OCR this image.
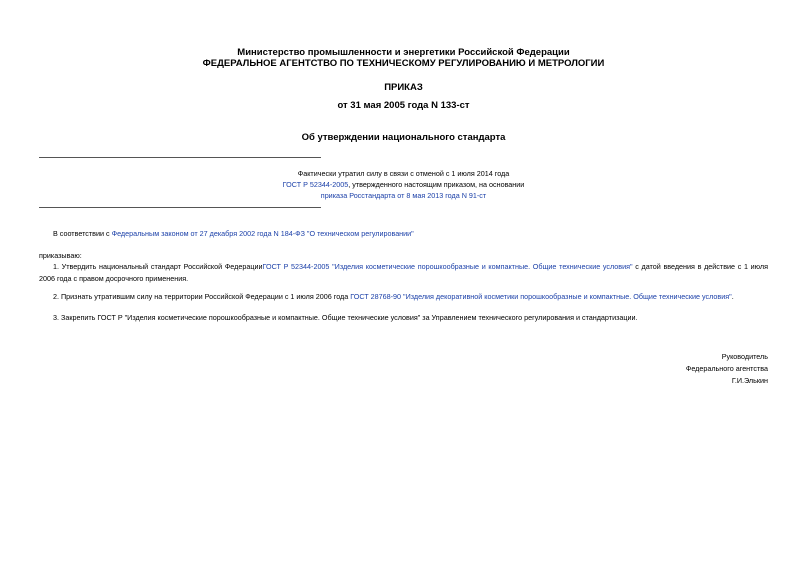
Министерство промышленности и энергетики Российской Федерации
ФЕДЕРАЛЬНОЕ АГЕНТСТВО ПО ТЕХНИЧЕСКОМУ РЕГУЛИРОВАНИЮ И МЕТРОЛОГИИ
ПРИКАЗ
от 31 мая 2005 года N 133-ст
Об утверждении национального стандарта
Фактически утратил силу в связи с отменой с 1 июля 2014 года
ГОСТ Р 52344-2005, утвержденного настоящим приказом, на основании
приказа Росстандарта от 8 мая 2013 года N 91-ст
В соответствии с Федеральным законом от 27 декабря 2002 года N 184-ФЗ "О техническом регулировании"
приказываю:
1. Утвердить национальный стандарт Российской ФедерацииГОСТ Р 52344-2005 "Изделия косметические порошкообразные и компактные. Общие технические условия" с датой введения в действие с 1 июля 2006 года с правом досрочного применения.
2. Признать утратившим силу на территории Российской Федерации с 1 июля 2006 года ГОСТ 28768-90 "Изделия декоративной косметики порошкообразные и компактные. Общие технические условия".
3. Закрепить ГОСТ Р "Изделия косметические порошкообразные и компактные. Общие технические условия" за Управлением технического регулирования и стандартизации.
Руководитель
Федерального агентства
Г.И.Элькин
